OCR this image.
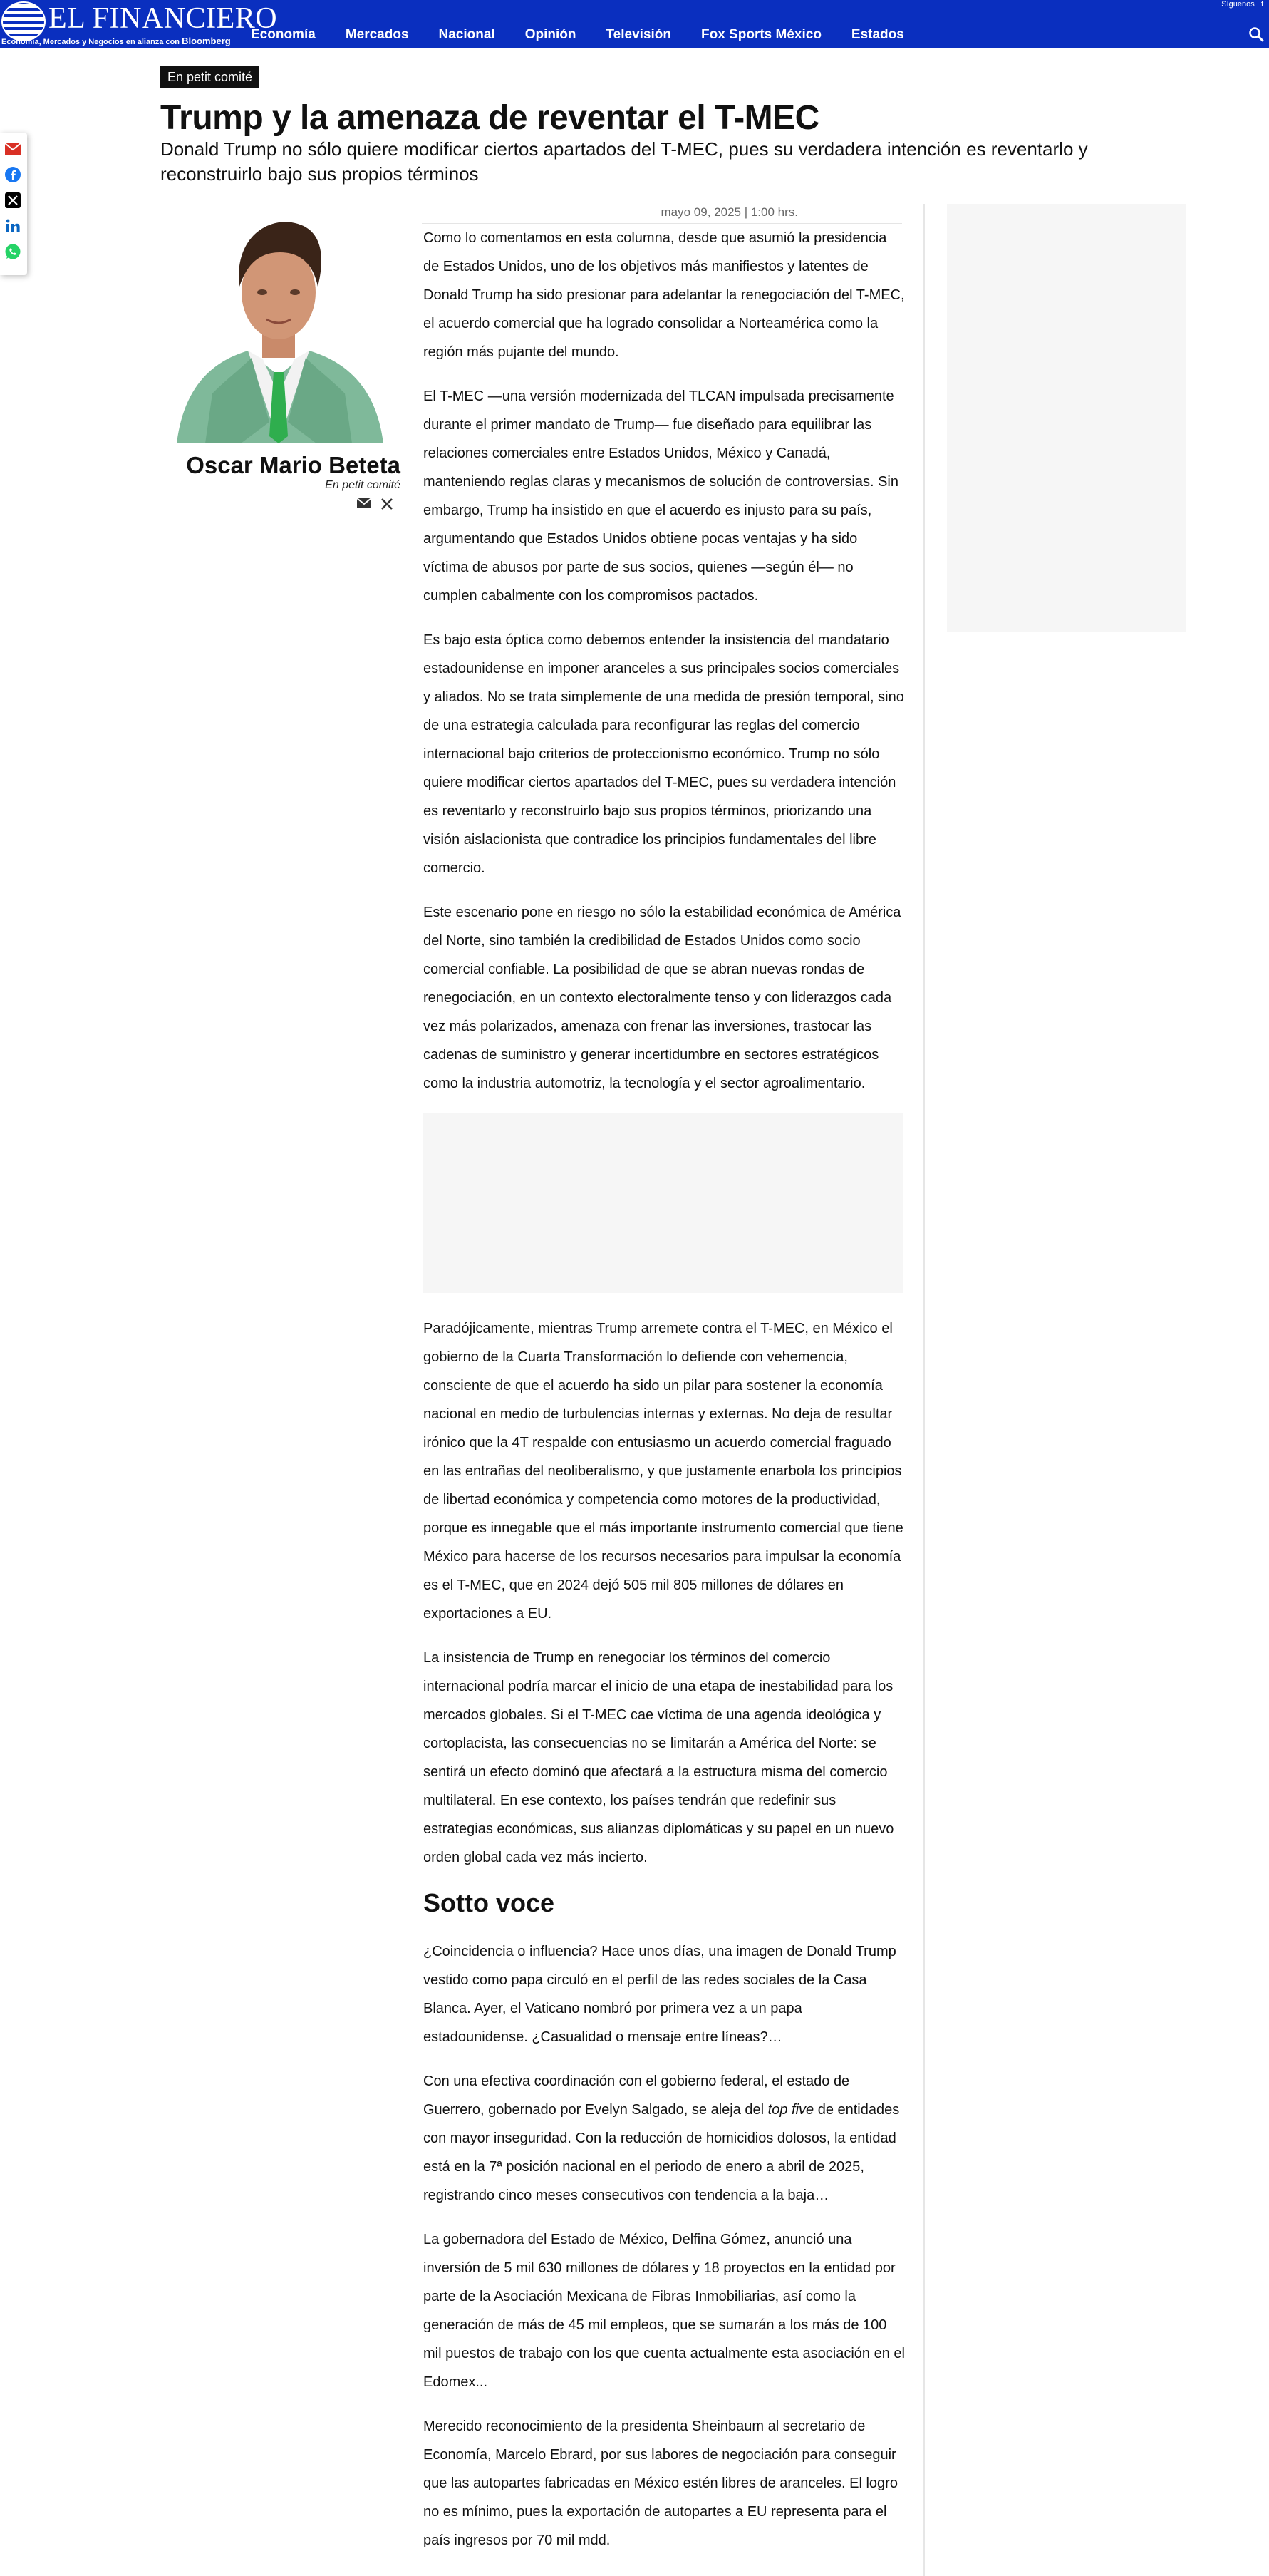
EL FINANCIERO
Economía, Mercados y Negocios en alianza con Bloomberg Economía Mercados Nacional Opinión Televisión Fox Sports México Estados
Síguenos   f
En petit comité
Trump y la amenaza de reventar el T-MEC
Donald Trump no sólo quiere modificar ciertos apartados del T-MEC, pues su verdadera intención es reventarlo y reconstruirlo bajo sus propios términos
Oscar Mario Beteta
En petit comité
mayo 09, 2025 | 1:00 hrs.

Como lo comentamos en esta columna, desde que asumió la presidencia de Estados Unidos, uno de los objetivos más manifiestos y latentes de Donald Trump ha sido presionar para adelantar la renegociación del T-MEC, el acuerdo comercial que ha logrado consolidar a Norteamérica como la región más pujante del mundo.

El T-MEC —una versión modernizada del TLCAN impulsada precisamente durante el primer mandato de Trump— fue diseñado para equilibrar las relaciones comerciales entre Estados Unidos, México y Canadá, manteniendo reglas claras y mecanismos de solución de controversias. Sin embargo, Trump ha insistido en que el acuerdo es injusto para su país, argumentando que Estados Unidos obtiene pocas ventajas y ha sido víctima de abusos por parte de sus socios, quienes —según él— no cumplen cabalmente con los compromisos pactados.

Es bajo esta óptica como debemos entender la insistencia del mandatario estadounidense en imponer aranceles a sus principales socios comerciales y aliados. No se trata simplemente de una medida de presión temporal, sino de una estrategia calculada para reconfigurar las reglas del comercio internacional bajo criterios de proteccionismo económico. Trump no sólo quiere modificar ciertos apartados del T-MEC, pues su verdadera intención es reventarlo y reconstruirlo bajo sus propios términos, priorizando una visión aislacionista que contradice los principios fundamentales del libre comercio.

Este escenario pone en riesgo no sólo la estabilidad económica de América del Norte, sino también la credibilidad de Estados Unidos como socio comercial confiable. La posibilidad de que se abran nuevas rondas de renegociación, en un contexto electoralmente tenso y con liderazgos cada vez más polarizados, amenaza con frenar las inversiones, trastocar las cadenas de suministro y generar incertidumbre en sectores estratégicos como la industria automotriz, la tecnología y el sector agroalimentario.

Paradójicamente, mientras Trump arremete contra el T-MEC, en México el gobierno de la Cuarta Transformación lo defiende con vehemencia, consciente de que el acuerdo ha sido un pilar para sostener la economía nacional en medio de turbulencias internas y externas. No deja de resultar irónico que la 4T respalde con entusiasmo un acuerdo comercial fraguado en las entrañas del neoliberalismo, y que justamente enarbola los principios de libertad económica y competencia como motores de la productividad, porque es innegable que el más importante instrumento comercial que tiene México para hacerse de los recursos necesarios para impulsar la economía es el T-MEC, que en 2024 dejó 505 mil 805 millones de dólares en exportaciones a EU.

La insistencia de Trump en renegociar los términos del comercio internacional podría marcar el inicio de una etapa de inestabilidad para los mercados globales. Si el T-MEC cae víctima de una agenda ideológica y cortoplacista, las consecuencias no se limitarán a América del Norte: se sentirá un efecto dominó que afectará a la estructura misma del comercio multilateral. En ese contexto, los países tendrán que redefinir sus estrategias económicas, sus alianzas diplomáticas y su papel en un nuevo orden global cada vez más incierto.

Sotto voce

¿Coincidencia o influencia? Hace unos días, una imagen de Donald Trump vestido como papa circuló en el perfil de las redes sociales de la Casa Blanca. Ayer, el Vaticano nombró por primera vez a un papa estadounidense. ¿Casualidad o mensaje entre líneas?…

Con una efectiva coordinación con el gobierno federal, el estado de Guerrero, gobernado por Evelyn Salgado, se aleja del top five de entidades con mayor inseguridad. Con la reducción de homicidios dolosos, la entidad está en la 7ª posición nacional en el periodo de enero a abril de 2025, registrando cinco meses consecutivos con tendencia a la baja…

La gobernadora del Estado de México, Delfina Gómez, anunció una inversión de 5 mil 630 millones de dólares y 18 proyectos en la entidad por parte de la Asociación Mexicana de Fibras Inmobiliarias, así como la generación de más de 45 mil empleos, que se sumarán a los más de 100 mil puestos de trabajo con los que cuenta actualmente esta asociación en el Edomex...

Merecido reconocimiento de la presidenta Sheinbaum al secretario de Economía, Marcelo Ebrard, por sus labores de negociación para conseguir que las autopartes fabricadas en México estén libres de aranceles. El logro no es mínimo, pues la exportación de autopartes a EU representa para el país ingresos por 70 mil mdd.
